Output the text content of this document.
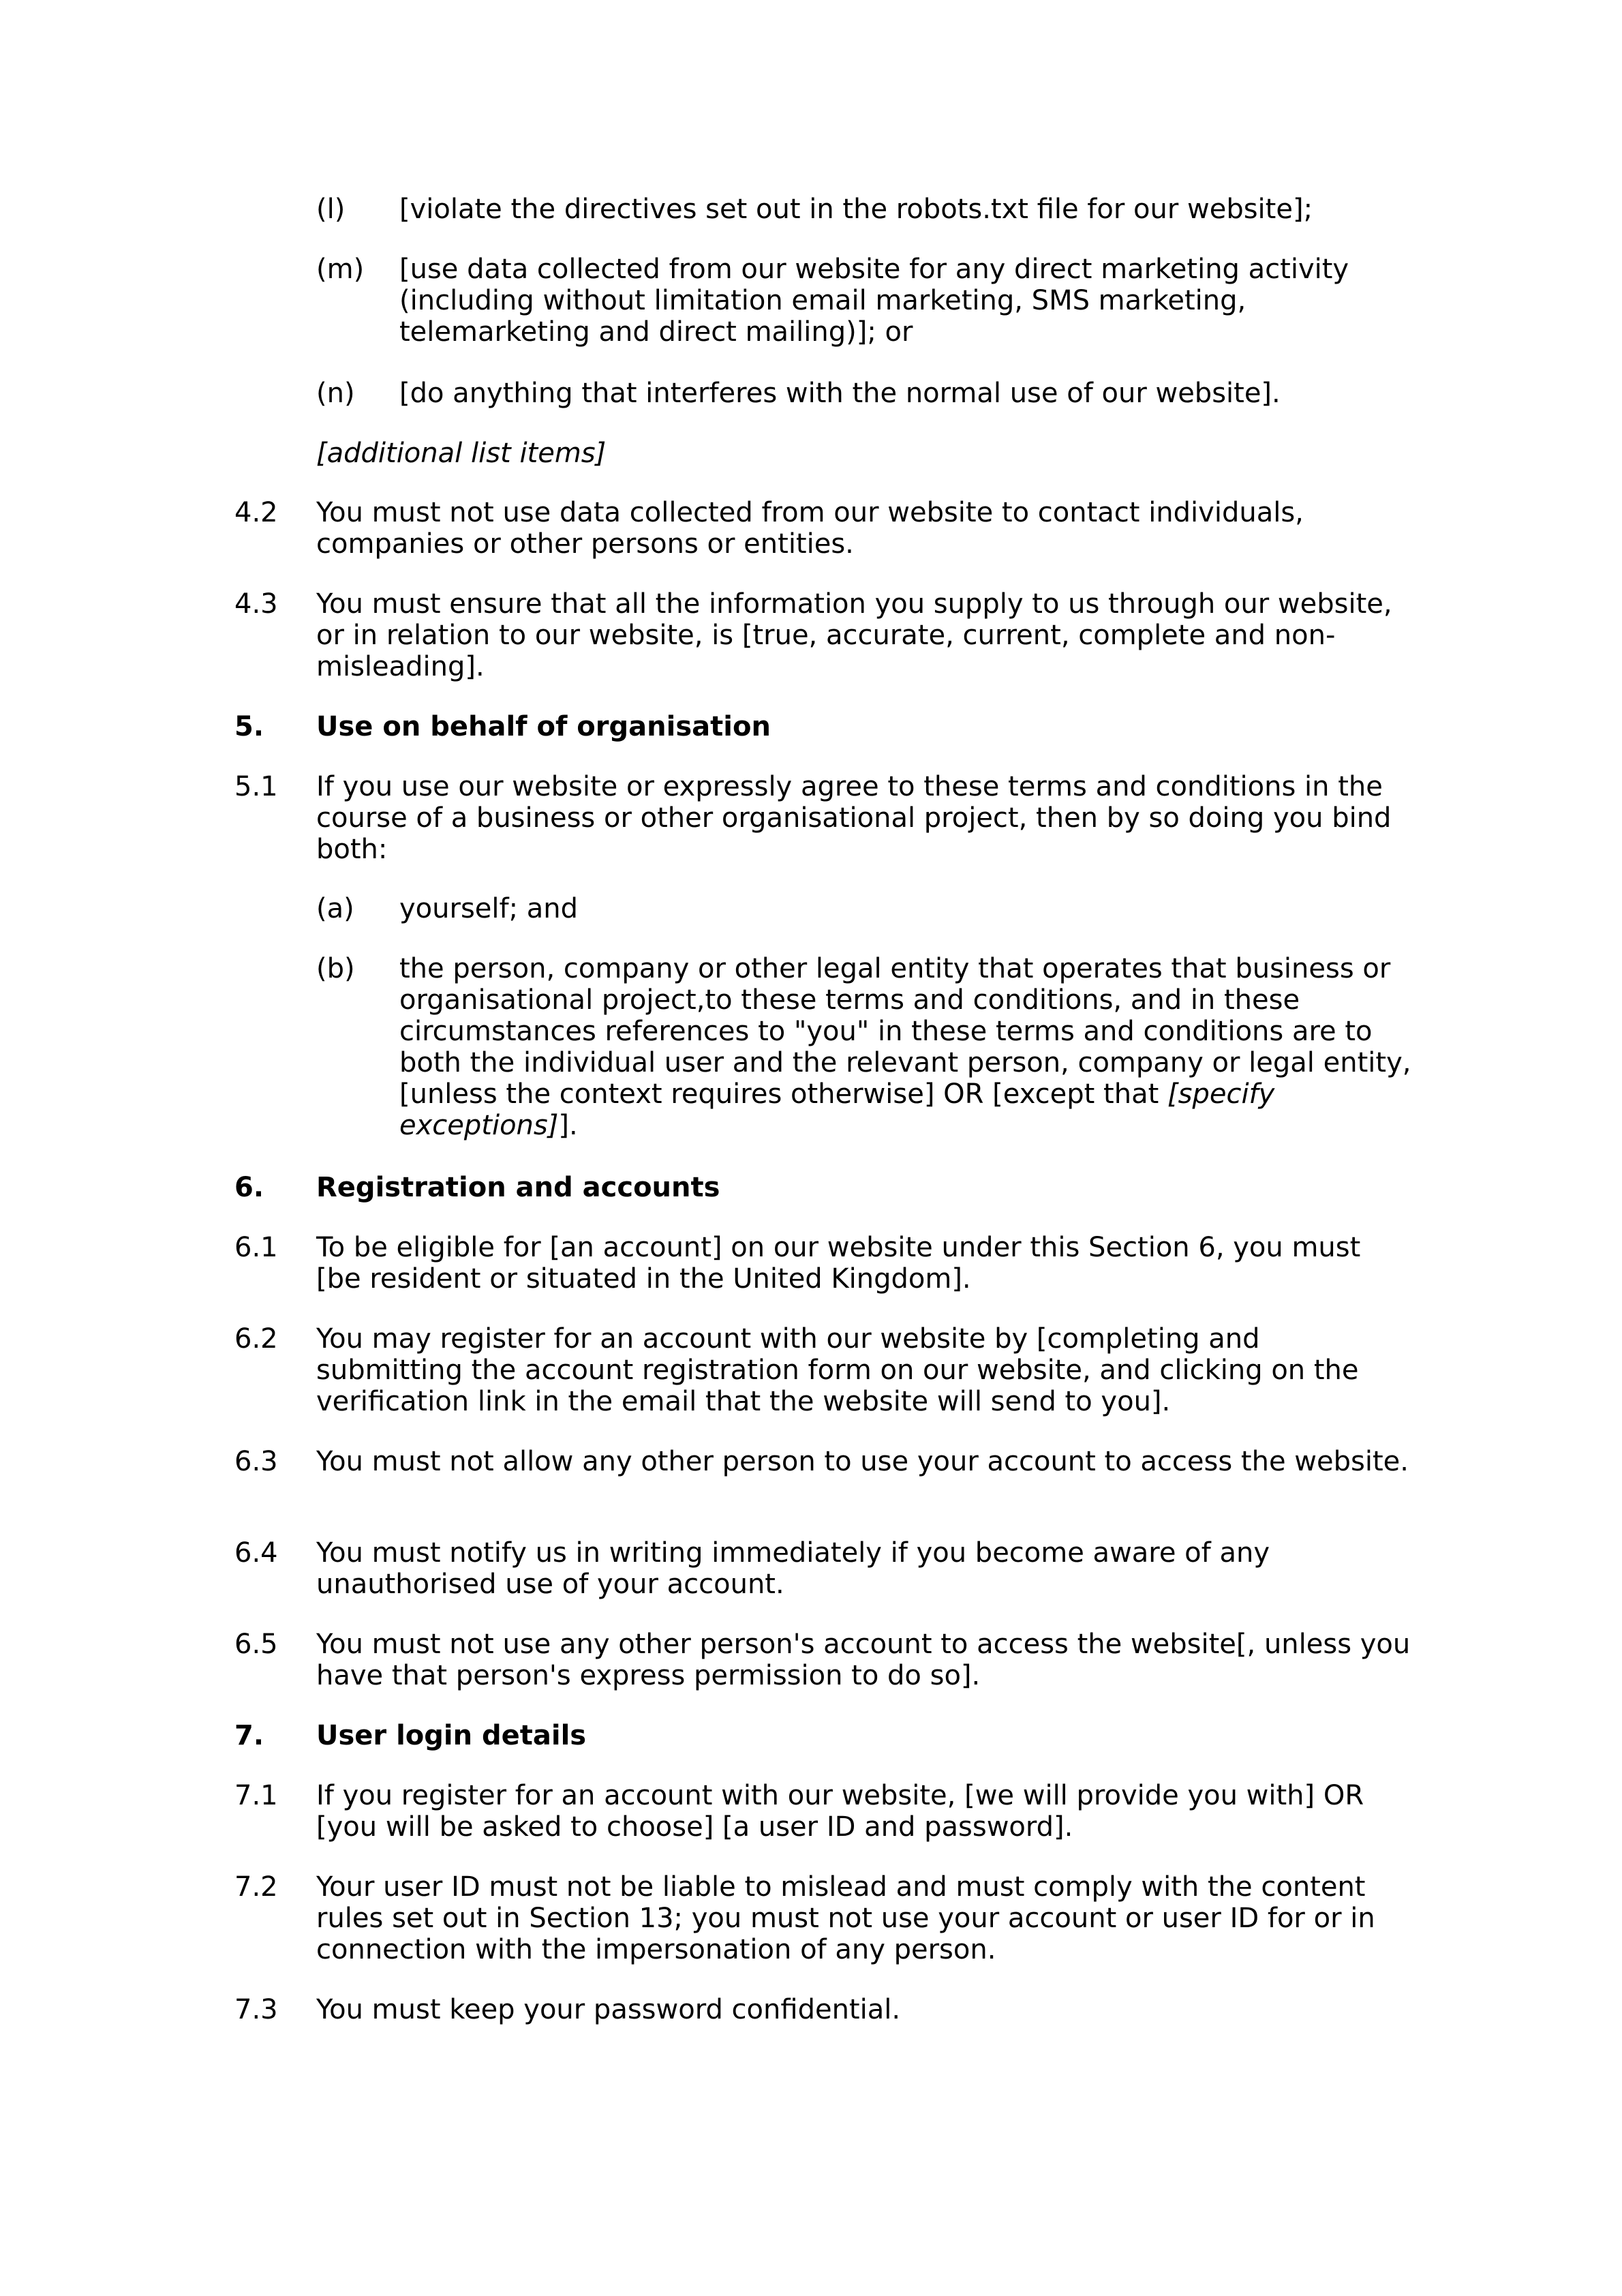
(l) [violate the directives set out in the robots.txt file for our website];

(m) [use data collected from our website for any direct marketing activity (including without limitation email marketing, SMS marketing, telemarketing and direct mailing)]; or

(n) [do anything that interferes with the normal use of our website].

[additional list items]

4.2 You must not use data collected from our website to contact individuals, companies or other persons or entities.

4.3 You must ensure that all the information you supply to us through our website, or in relation to our website, is [true, accurate, current, complete and non-misleading].

5. Use on behalf of organisation

5.1 If you use our website or expressly agree to these terms and conditions in the course of a business or other organisational project, then by so doing you bind both:

(a) yourself; and

(b) the person, company or other legal entity that operates that business or organisational project,to these terms and conditions, and in these circumstances references to "you" in these terms and conditions are to both the individual user and the relevant person, company or legal entity, [unless the context requires otherwise] OR [except that [specify exceptions]].

6. Registration and accounts

6.1 To be eligible for [an account] on our website under this Section 6, you must [be resident or situated in the United Kingdom].

6.2 You may register for an account with our website by [completing and submitting the account registration form on our website, and clicking on the verification link in the email that the website will send to you].

6.3 You must not allow any other person to use your account to access the website.

6.4 You must notify us in writing immediately if you become aware of any unauthorised use of your account.

6.5 You must not use any other person's account to access the website[, unless you have that person's express permission to do so].

7. User login details

7.1 If you register for an account with our website, [we will provide you with] OR [you will be asked to choose] [a user ID and password].

7.2 Your user ID must not be liable to mislead and must comply with the content rules set out in Section 13; you must not use your account or user ID for or in connection with the impersonation of any person.

7.3 You must keep your password confidential.
